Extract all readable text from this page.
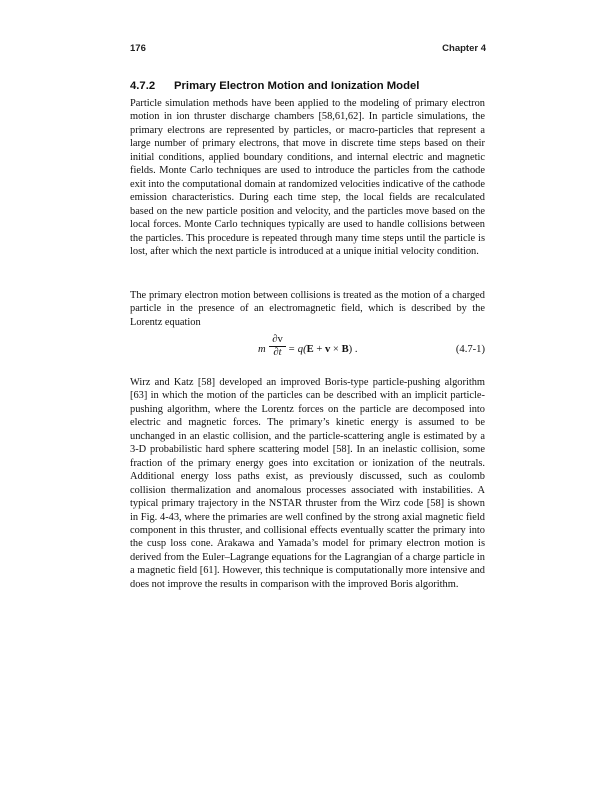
176	Chapter 4
4.7.2 Primary Electron Motion and Ionization Model

Particle simulation methods have been applied to the modeling of primary electron motion in ion thruster discharge chambers [58,61,62]. In particle simulations, the primary electrons are represented by particles, or macro-particles that represent a large number of primary electrons, that move in discrete time steps based on their initial conditions, applied boundary conditions, and internal electric and magnetic fields. Monte Carlo techniques are used to introduce the particles from the cathode exit into the computational domain at randomized velocities indicative of the cathode emission characteristics. During each time step, the local fields are recalculated based on the new particle position and velocity, and the particles move based on the local forces. Monte Carlo techniques typically are used to handle collisions between the particles. This procedure is repeated through many time steps until the particle is lost, after which the next particle is introduced at a unique initial velocity condition.

The primary electron motion between collisions is treated as the motion of a charged particle in the presence of an electromagnetic field, which is described by the Lorentz equation

m $\frac{\partial v}{\partial t} = q(E + v \times B)$ .	(4.7-1)

Wirz and Katz [58] developed an improved Boris-type particle-pushing algorithm [63] in which the motion of the particles can be described with an implicit particle-pushing algorithm, where the Lorentz forces on the particle are decomposed into electric and magnetic forces. The primary’s kinetic energy is assumed to be unchanged in an elastic collision, and the particle-scattering angle is estimated by a 3-D probabilistic hard sphere scattering model [58]. In an inelastic collision, some fraction of the primary energy goes into excitation or ionization of the neutrals. Additional energy loss paths exist, as previously discussed, such as coulomb collision thermalization and anomalous processes associated with instabilities. A typical primary trajectory in the NSTAR thruster from the Wirz code [58] is shown in Fig. 4-43, where the primaries are well confined by the strong axial magnetic field component in this thruster, and collisional effects eventually scatter the primary into the cusp loss cone. Arakawa and Yamada’s model for primary electron motion is derived from the Euler–Lagrange equations for the Lagrangian of a charge particle in a magnetic field [61]. However, this technique is computationally more intensive and does not improve the results in comparison with the improved Boris algorithm.
